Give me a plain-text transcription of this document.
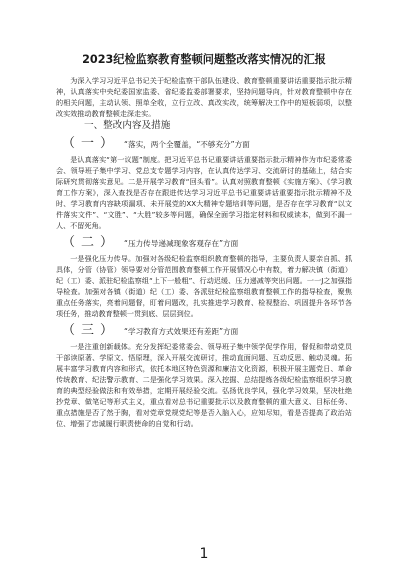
2023纪检监察教育整顿问题整改落实情况的汇报

为深入学习习近平总书记关于纪检监察干部队伍建设、教育整顿重要讲话重要指示批示精神，认真落实中央纪委国家监委、省纪委监委部署要求，坚持问题导向，针对教育整顿中存在的相关问题，主动认领、照单全收，立行立改、真改实改，统筹解决工作中的短板弱项，以整改实效推动教育整顿走深走实。

一、整改内容及措施
（ 一 ） “落实，两个全覆盖，“不够充分”方面

是认真落实“第一议题”制度。把习近平总书记重要讲话重要指示批示精神作为市纪委常委会、领导班子集中学习、党总支专题学习内容，在认真传达学习、交流研讨的基础上，结合实际研究贯彻落实意见。二是开展学习教育“回头看”。认真对照教育整顿《实施方案》、《学习教育工作方案》，深入查找是否存在跟进传达学习习近平总书记重要讲话重要指示批示精神不及时、学习教育内容缺项漏项、未开展党的XX大精神专题培训等问题，是否存在学习教育“以文件落实文件”、“文胜”、“大胜”较多等问题，确保全面学习指定材料和权威读本，做到不漏一人、不留死角。

（ 二 ） “压力传导递减现象客观存在”方面

一是强化压力传导。加强对各级纪检监察组织教育整顿的指导，主要负责人要亲自抓、抓具体，分管（协管）领导要对分管范围教育整顿工作开展情况心中有数，着力解决镇（街道）纪（工）委、派驻纪检监察组“上下一般粗”、行动迟缓、压力递减等突出问题。一一J之加强指导检查。加强对各镇（街道）纪（工）委、各派驻纪检监察组教育整顿工作的指导检查，聚焦重点任务落实，亮着问题督，盯着问题改，扎实推进学习教育、检视整治、巩固提升各环节各项任务，推动教育整顿一贯到底、层层到位。

（ 三 ） “学习教育方式效果还有差距”方面

一是注重创新载体。充分发挥纪委常委会、领导班子集中领学促学作用，督促和带动党员干部读原著、学原文、悟原理，深入开展交流研讨，推动直面问题、互动反思、触动灵魂。拓展丰富学习教育内容和形式，依托本地区特色资源和廉洁文化资源，积极开展主题党日、革命传统教育、纪法警示教育、二是强化学习效果。深入挖掘、总结提炼各级纪检监察组织学习教育的典型经验做法和有效举措，定期开展经验交流。弘扬优良学风，强化学习效果，坚决杜绝抄党章、做笔记等形式主义，重点看对总书记重要批示以及教育整顿的重大意义、目标任务、重点措施是否了然于胸，看对党章党规党纪等是否入脑入心，应知尽知，看是否提高了政治站位、增强了忠诚履行职责使命的自觉和行动。

1
